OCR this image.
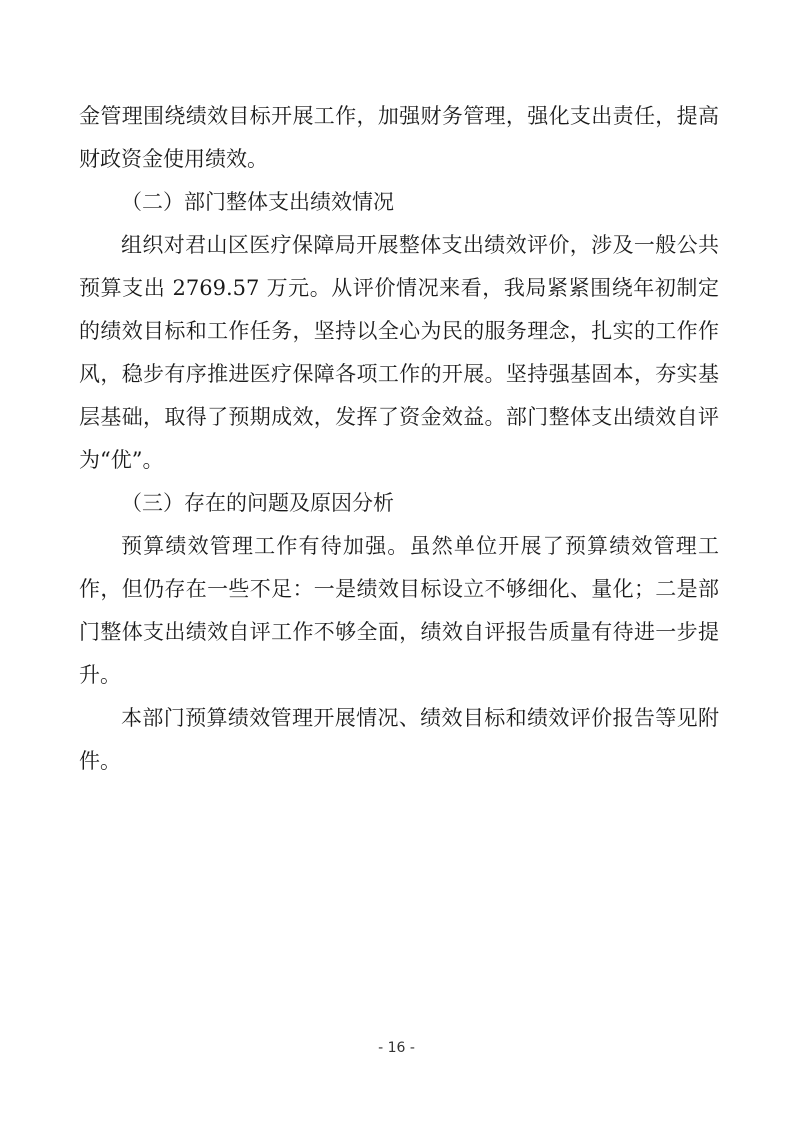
金管理围绕绩效目标开展工作，加强财务管理，强化支出责任，提高财政资金使用绩效。

（二）部门整体支出绩效情况

组织对君山区医疗保障局开展整体支出绩效评价，涉及一般公共预算支出 2769.57 万元。从评价情况来看，我局紧紧围绕年初制定的绩效目标和工作任务，坚持以全心为民的服务理念，扎实的工作作风，稳步有序推进医疗保障各项工作的开展。坚持强基固本，夯实基层基础，取得了预期成效，发挥了资金效益。部门整体支出绩效自评为“优”。

（三）存在的问题及原因分析

预算绩效管理工作有待加强。虽然单位开展了预算绩效管理工作，但仍存在一些不足：一是绩效目标设立不够细化、量化；二是部门整体支出绩效自评工作不够全面，绩效自评报告质量有待进一步提升。

本部门预算绩效管理开展情况、绩效目标和绩效评价报告等见附件。

- 16 -
